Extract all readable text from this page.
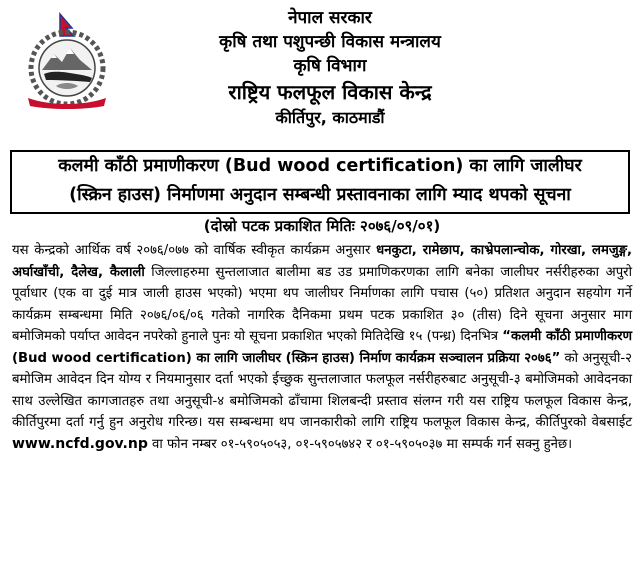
नेपाल सरकार
कृषि तथा पशुपन्छी विकास मन्त्रालय
कृषि विभाग
राष्ट्रिय फलफूल विकास केन्द्र
कीर्तिपुर, काठमाडौं
कलमी काँठी प्रमाणीकरण (Bud wood certification) का लागि जालीघर
(स्क्रिन हाउस) निर्माणमा अनुदान सम्बन्धी प्रस्तावनाका लागि म्याद थपको सूचना
(दोस्रो पटक प्रकाशित मितिः २०७६/०९/०१)

यस केन्द्रको आर्थिक वर्ष २०७६/०७७ को वार्षिक स्वीकृत कार्यक्रम अनुसार धनकुटा, रामेछाप, काभ्रेपलान्चोक, गोरखा, लमजुङ्ग, अर्घाखाँची, दैलेख, कैलाली जिल्लाहरुमा सुन्तलाजात बालीमा बड उड प्रमाणिकरणका लागि बनेका जालीघर नर्सरीहरुका अपुरो पूर्वाधार (एक वा दुई मात्र जाली हाउस भएको) भएमा थप जालीघर निर्माणका लागि पचास (५०) प्रतिशत अनुदान सहयोग गर्ने कार्यक्रम सम्बन्धमा मिति २०७६/०६/०६ गतेको नागरिक दैनिकमा प्रथम पटक प्रकाशित ३० (तीस) दिने सूचना अनुसार माग बमोजिमको पर्याप्त आवेदन नपरेको हुनाले पुनः यो सूचना प्रकाशित भएको मितिदेखि १५ (पन्ध्र) दिनभित्र “कलमी काँठी प्रमाणीकरण (Bud wood certification) का लागि जालीघर (स्क्रिन हाउस) निर्माण कार्यक्रम सञ्चालन प्रक्रिया २०७६” को अनुसूची-२ बमोजिम आवेदन दिन योग्य र नियमानुसार दर्ता भएको ईच्छुक सुन्तलाजात फलफूल नर्सरीहरुबाट अनुसूची-३ बमोजिमको आवेदनका साथ उल्लेखित कागजातहरु तथा अनुसूची-४ बमोजिमको ढाँचामा शिलबन्दी प्रस्ताव संलग्न गरी यस राष्ट्रिय फलफूल विकास केन्द्र, कीर्तिपुरमा दर्ता गर्नु हुन अनुरोध गरिन्छ। यस सम्बन्धमा थप जानकारीको लागि राष्ट्रिय फलफूल विकास केन्द्र, कीर्तिपुरको वेबसाईट www.ncfd.gov.np वा फोन नम्बर ०१-५९०५०५३, ०१-५९०५७४२ र ०१-५९०५०३७ मा सम्पर्क गर्न सक्नु हुनेछ।
